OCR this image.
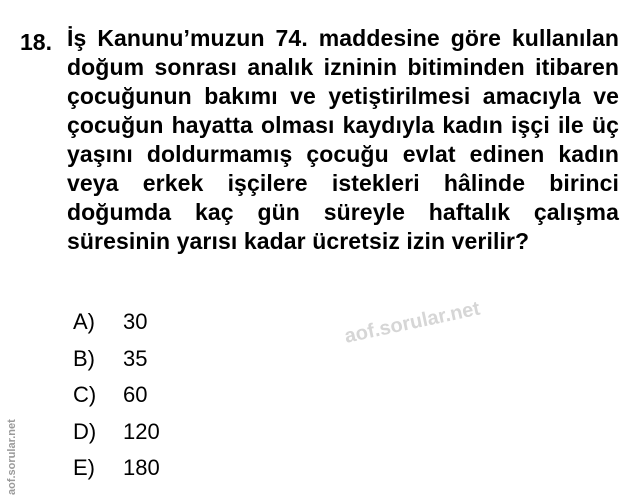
18. İş Kanunu’muzun 74. maddesine göre kullanılan doğum sonrası analık izninin bitiminden itibaren çocuğunun bakımı ve yetiştirilmesi amacıyla ve çocuğun hayatta olması kaydıyla kadın işçi ile üç yaşını doldurmamış çocuğu evlat edinen kadın veya erkek işçilere istekleri hâlinde birinci doğumda kaç gün süreyle haftalık çalışma süresinin yarısı kadar ücretsiz izin verilir?
A)	30
B)	35
C)	60
D)	120
E)	180
aof.sorular.net
aof.sorular.net
